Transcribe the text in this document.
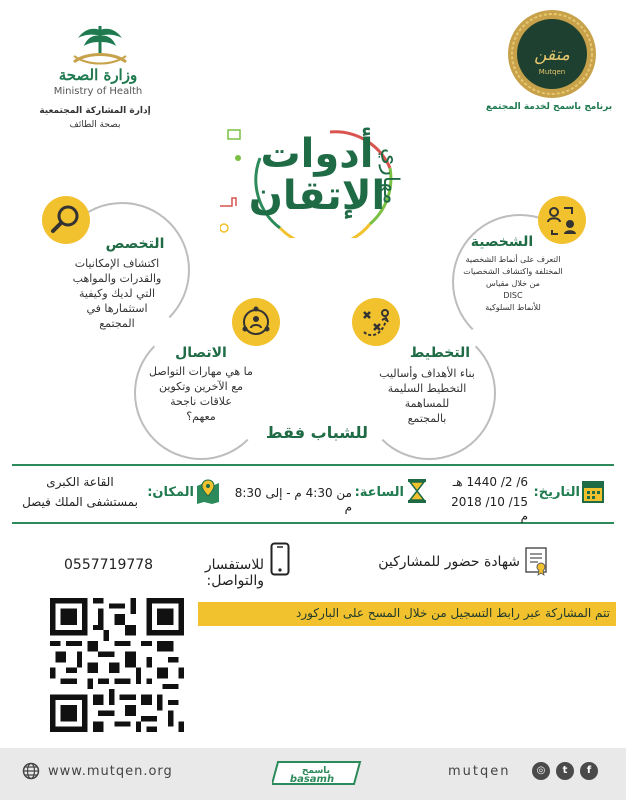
وزارة الصحة
Ministry of Health
إدارة المشاركة المجتمعية
بصحة الطائف
متقن
Mutqen
برنامج باسمح لخدمة المجتمع
أدوات
الإتقان
مهاري
التخصص
اكتشاف الإمكانيات
والقدرات والمواهب
التي لديك وكيفية
استثمارها في
المجتمع
الشخصية
التعرف على أنماط الشخصية
المختلفة واكتشاف الشخصيات
من خلال مقياس
DISC
للأنماط السلوكية
الاتصال
ما هي مهارات التواصل
مع الآخرين وتكوين
علاقات ناجحة
معهم؟
التخطيط
بناء الأهداف وأساليب
التخطيط السليمة
للمساهمة
بالمجتمع
للشباب فقط
التاريخ:
6/ 2/ 1440 هـ
15/ 10/ 2018 م
الساعة:
من 4:30 م - إلى 8:30 م
المكان:
القاعة الكبرى
بمستشفى الملك فيصل
شهادة حضور للمشاركين
للاستفسار والتواصل:
0557719778
تتم المشاركة عبر رابط التسجيل من خلال المسح على الباركورد
www.mutqen.org	باسمح
basamh
mutqen	◎	t	f
